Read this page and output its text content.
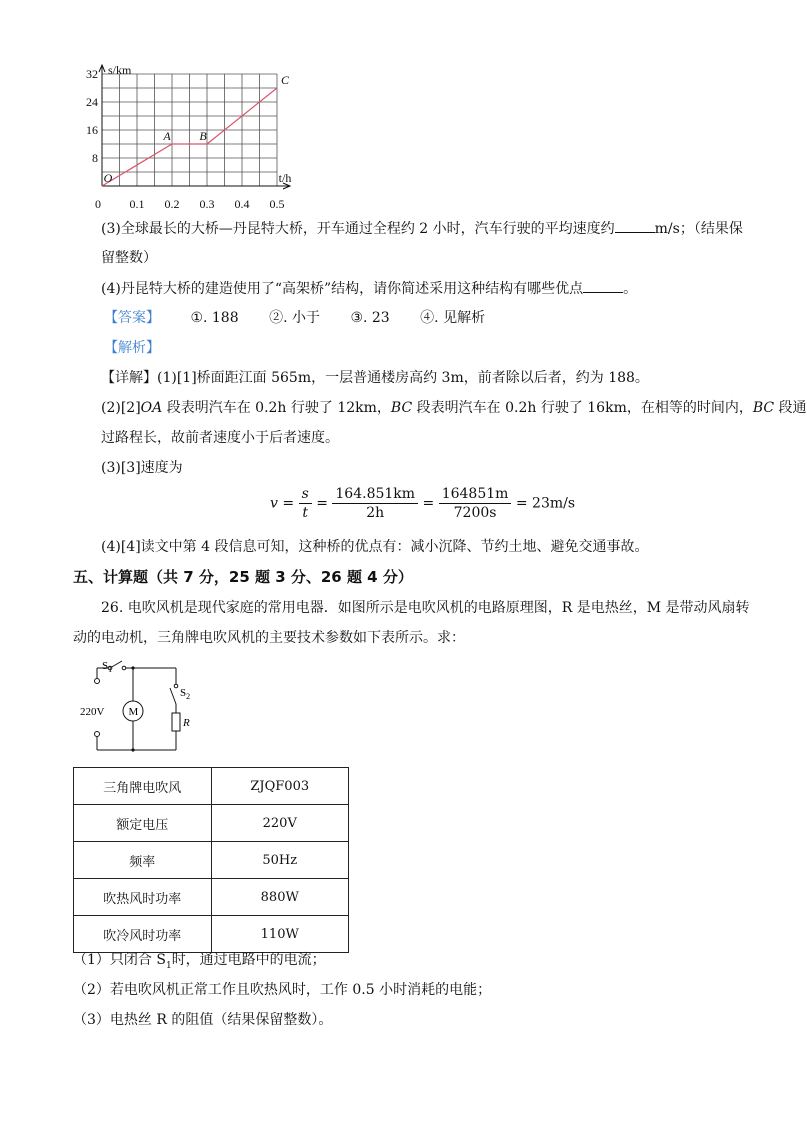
8
16
24
32
0 0.1 0.2 0.3 0.4 0.5
s/km
t/h
O
A B
C
(3)全球最长的大桥—丹昆特大桥，开车通过全程约 2 小时，汽车行驶的平均速度约	m/s；（结果保
留整数）
(4)丹昆特大桥的建造使用了“高架桥”结构，请你简述采用这种结构有哪些优点	。
【答案】 ①. 188 ②. 小于 ③. 23 ④. 见解析
【解析】
【详解】(1)[1]桥面距江面 565m，一层普通楼房高约 3m，前者除以后者，约为 188。
(2)[2]OA 段表明汽车在 0.2h 行驶了 12km，BC 段表明汽车在 0.2h 行驶了 16km，在相等的时间内，BC 段通
过路程长，故前者速度小于后者速度。
(3)[3]速度为
$v = \frac{s}{t} = \frac{164.851km}{2h} = \frac{164851m}{7200s} = 23m/s$
(4)[4]读文中第 4 段信息可知，这种桥的优点有：减小沉降、节约土地、避免交通事故。
五、计算题（共 7 分，25 题 3 分、26 题 4 分）
26. 电吹风机是现代家庭的常用电器．如图所示是电吹风机的电路原理图，R 是电热丝，M 是带动风扇转
动的电动机，三角牌电吹风机的主要技术参数如下表所示。求：
$S_1$
$S_2$
220V M
R
三角牌电吹风	ZJQF003
额定电压	220V
频率	50Hz
吹热风时功率	880W
吹冷风时功率	110W
（1）只闭合 $S_1$时，通过电路中的电流；
（2）若电吹风机正常工作且吹热风时，工作 0.5 小时消耗的电能；
（3）电热丝 R 的阻值（结果保留整数）。
